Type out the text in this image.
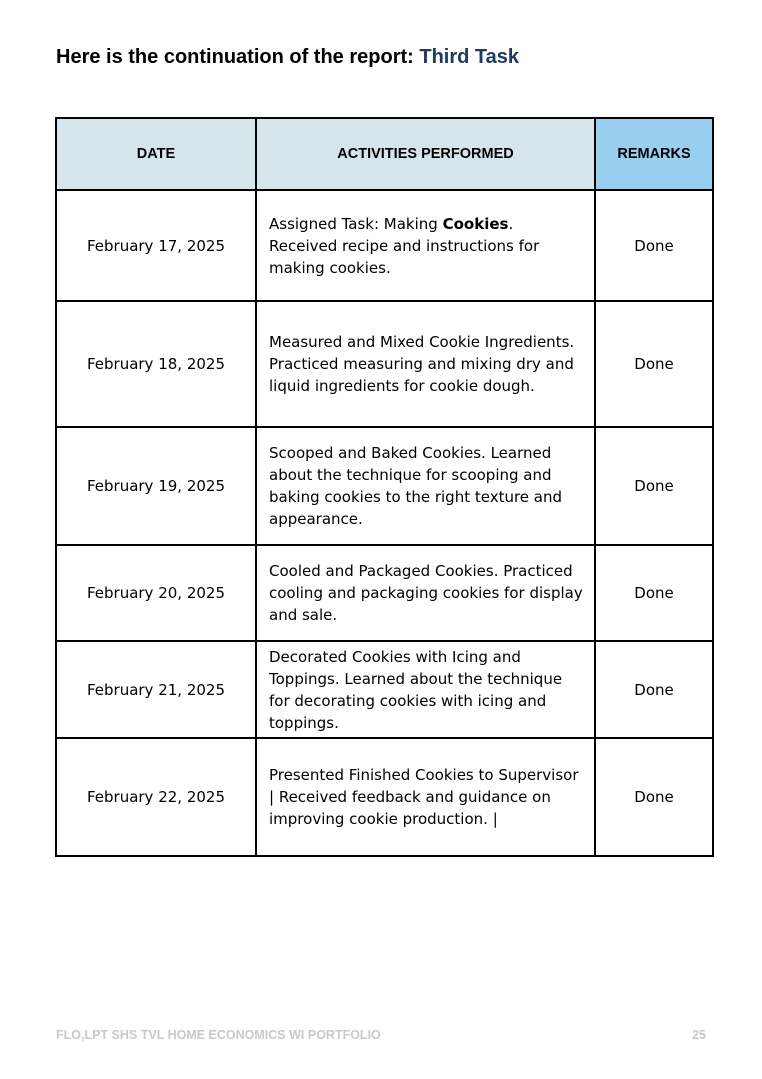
Here is the continuation of the report: Third Task
DATE	ACTIVITIES PERFORMED	REMARKS
February 17, 2025	Assigned Task: Making Cookies. Received recipe and instructions for making cookies.	Done
February 18, 2025	Measured and Mixed Cookie Ingredients. Practiced measuring and mixing dry and liquid ingredients for cookie dough.	Done
February 19, 2025	Scooped and Baked Cookies. Learned about the technique for scooping and baking cookies to the right texture and appearance.	Done
February 20, 2025	Cooled and Packaged Cookies. Practiced cooling and packaging cookies for display and sale.	Done
February 21, 2025	Decorated Cookies with Icing and Toppings. Learned about the technique for decorating cookies with icing and toppings.	Done
February 22, 2025	Presented Finished Cookies to Supervisor | Received feedback and guidance on improving cookie production. |	Done
FLO,LPT SHS TVL HOME ECONOMICS WI PORTFOLIO	25
